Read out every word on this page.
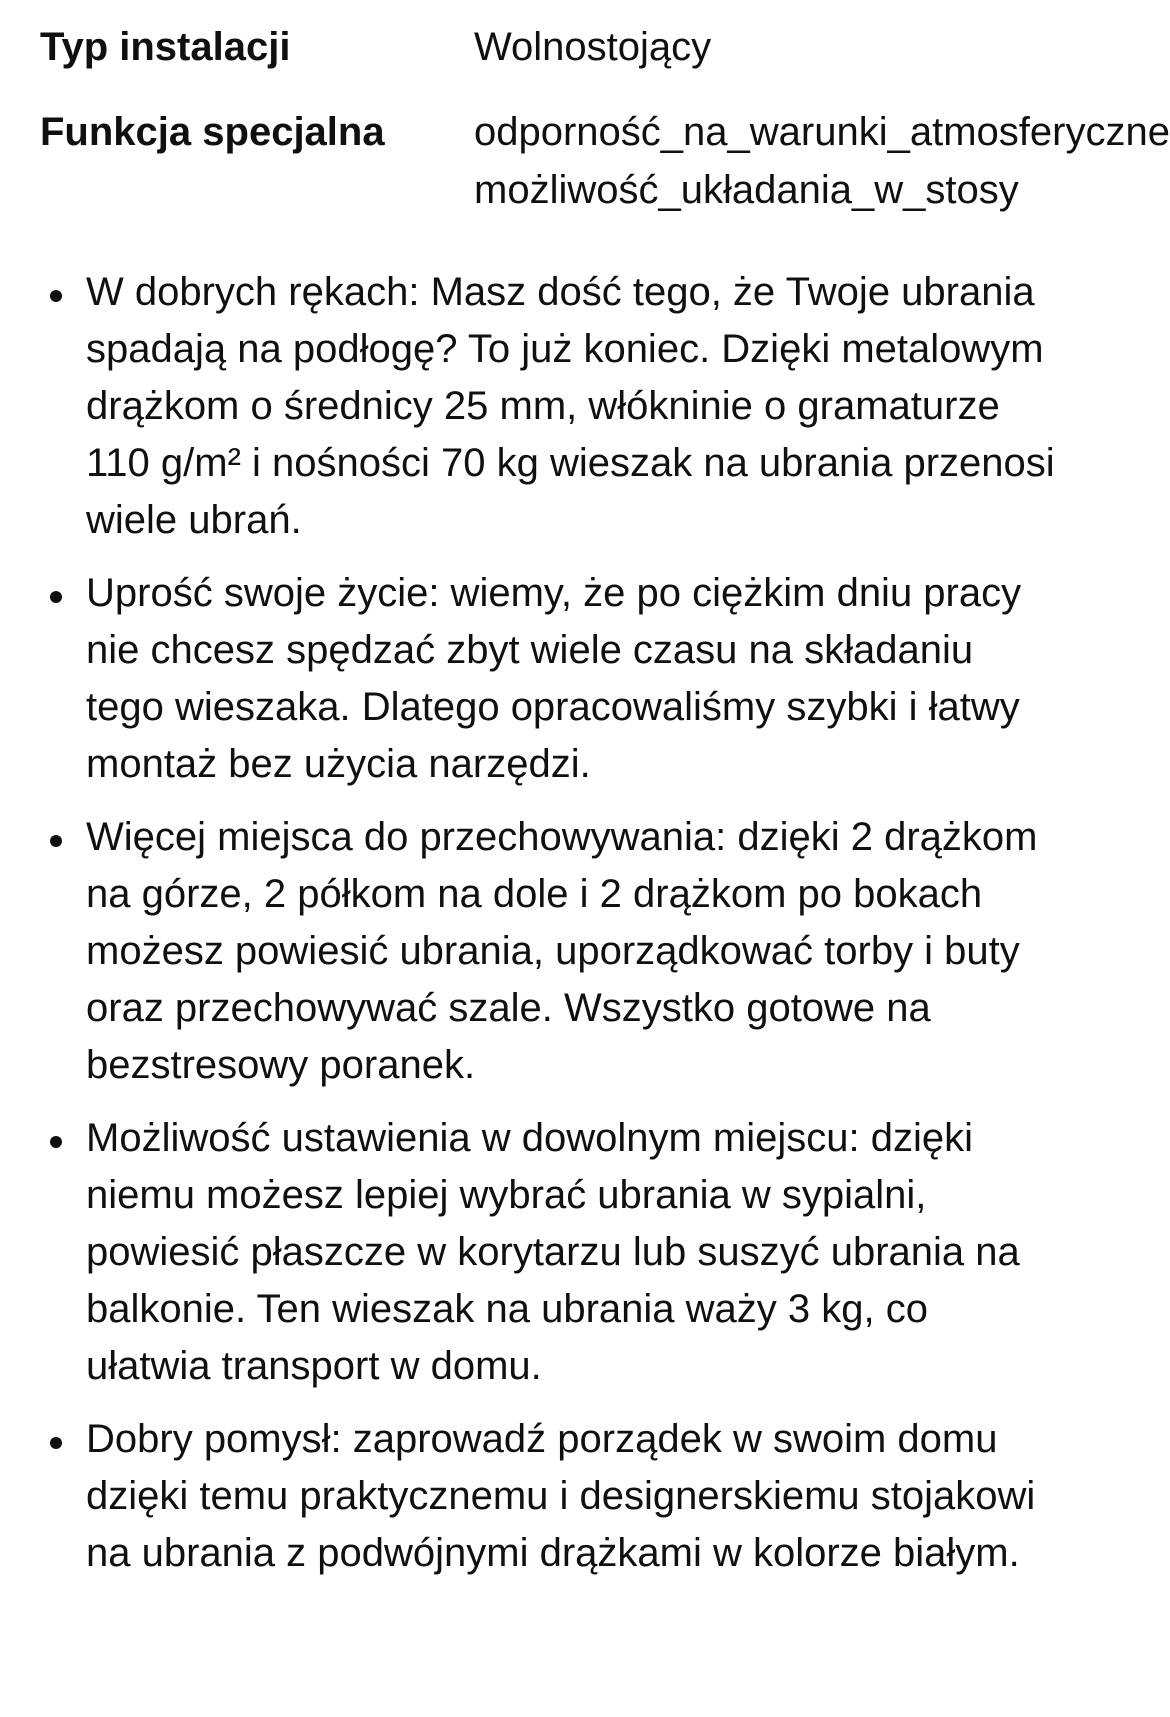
Typ instalacji	Wolnostojący
Funkcja specjalna	odporność_na_warunki_atmosferyczne
możliwość_układania_w_stosy
W dobrych rękach: Masz dość tego, że Twoje ubrania spadają na podłogę? To już koniec. Dzięki metalowym drążkom o średnicy 25 mm, włókninie o gramaturze 110 g/m² i nośności 70 kg wieszak na ubrania przenosi wiele ubrań.
Uprość swoje życie: wiemy, że po ciężkim dniu pracy nie chcesz spędzać zbyt wiele czasu na składaniu tego wieszaka. Dlatego opracowaliśmy szybki i łatwy montaż bez użycia narzędzi.
Więcej miejsca do przechowywania: dzięki 2 drążkom na górze, 2 półkom na dole i 2 drążkom po bokach możesz powiesić ubrania, uporządkować torby i buty oraz przechowywać szale. Wszystko gotowe na bezstresowy poranek.
Możliwość ustawienia w dowolnym miejscu: dzięki niemu możesz lepiej wybrać ubrania w sypialni, powiesić płaszcze w korytarzu lub suszyć ubrania na balkonie. Ten wieszak na ubrania waży 3 kg, co ułatwia transport w domu.
Dobry pomysł: zaprowadź porządek w swoim domu dzięki temu praktycznemu i designerskiemu stojakowi na ubrania z podwójnymi drążkami w kolorze białym.
